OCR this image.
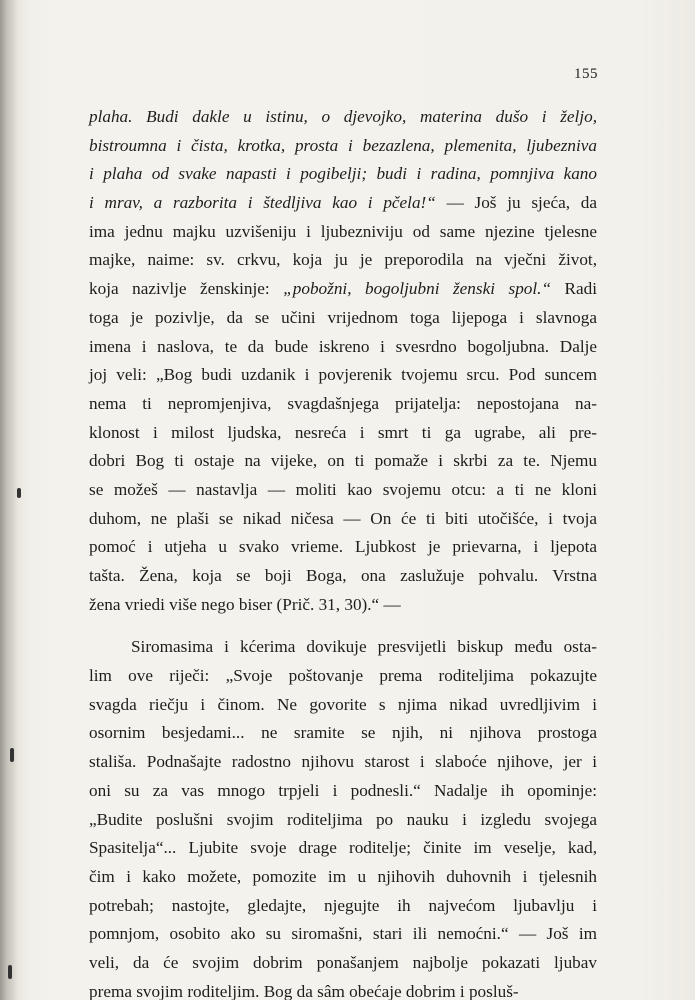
155
plaha. Budi dakle u istinu, o djevojko, materina dušo i željo,
bistroumna i čista, krotka, prosta i bezazlena, plemenita, ljubezniva
i plaha od svake napasti i pogibelji; budi i radina, pomnjiva kano
i mrav, a razborita i štedljiva kao i pčela!“ — Još ju sjeća, da
ima jednu majku uzvišeniju i ljubezniviju od same njezine tjelesne
majke, naime: sv. crkvu, koja ju je preporodila na vječni život,
koja nazivlje ženskinje: „pobožni, bogoljubni ženski spol.“ Radi
toga je pozivlje, da se učini vrijednom toga lijepoga i slavnoga
imena i naslova, te da bude iskreno i svesrdno bogoljubna. Dalje
joj veli: „Bog budi uzdanik i povjerenik tvojemu srcu. Pod suncem
nema ti nepromjenjiva, svagdašnjega prijatelja: nepostojana na-
klonost i milost ljudska, nesreća i smrt ti ga ugrabe, ali pre-
dobri Bog ti ostaje na vijeke, on ti pomaže i skrbi za te. Njemu
se možeš — nastavlja — moliti kao svojemu otcu: a ti ne kloni
duhom, ne plaši se nikad ničesa — On će ti biti utočišće, i tvoja
pomoć i utjeha u svako vrieme. Ljubkost je prievarna, i ljepota
tašta. Žena, koja se boji Boga, ona zaslužuje pohvalu. Vrstna
žena vriedi više nego biser (Prič. 31, 30).“ —
Siromasima i kćerima dovikuje presvijetli biskup među osta-
lim ove riječi: „Svoje poštovanje prema roditeljima pokazujte
svagda riečju i činom. Ne govorite s njima nikad uvredljivim i
osornim besjedami... ne sramite se njih, ni njihova prostoga
stališa. Podnašajte radostno njihovu starost i slaboće njihove, jer i
oni su za vas mnogo trpjeli i podnesli.“ Nadalje ih opominje:
„Budite poslušni svojim roditeljima po nauku i izgledu svojega
Spasitelja“... Ljubite svoje drage roditelje; činite im veselje, kad,
čim i kako možete, pomozite im u njihovih duhovnih i tjelesnih
potrebah; nastojte, gledajte, njegujte ih najvećom ljubavlju i
pomnjom, osobito ako su siromašni, stari ili nemoćni.“ — Još im
veli, da će svojim dobrim ponašanjem najbolje pokazati ljubav
prema svojim roditeljim. Bog da sâm obećaje dobrim i posluš-
